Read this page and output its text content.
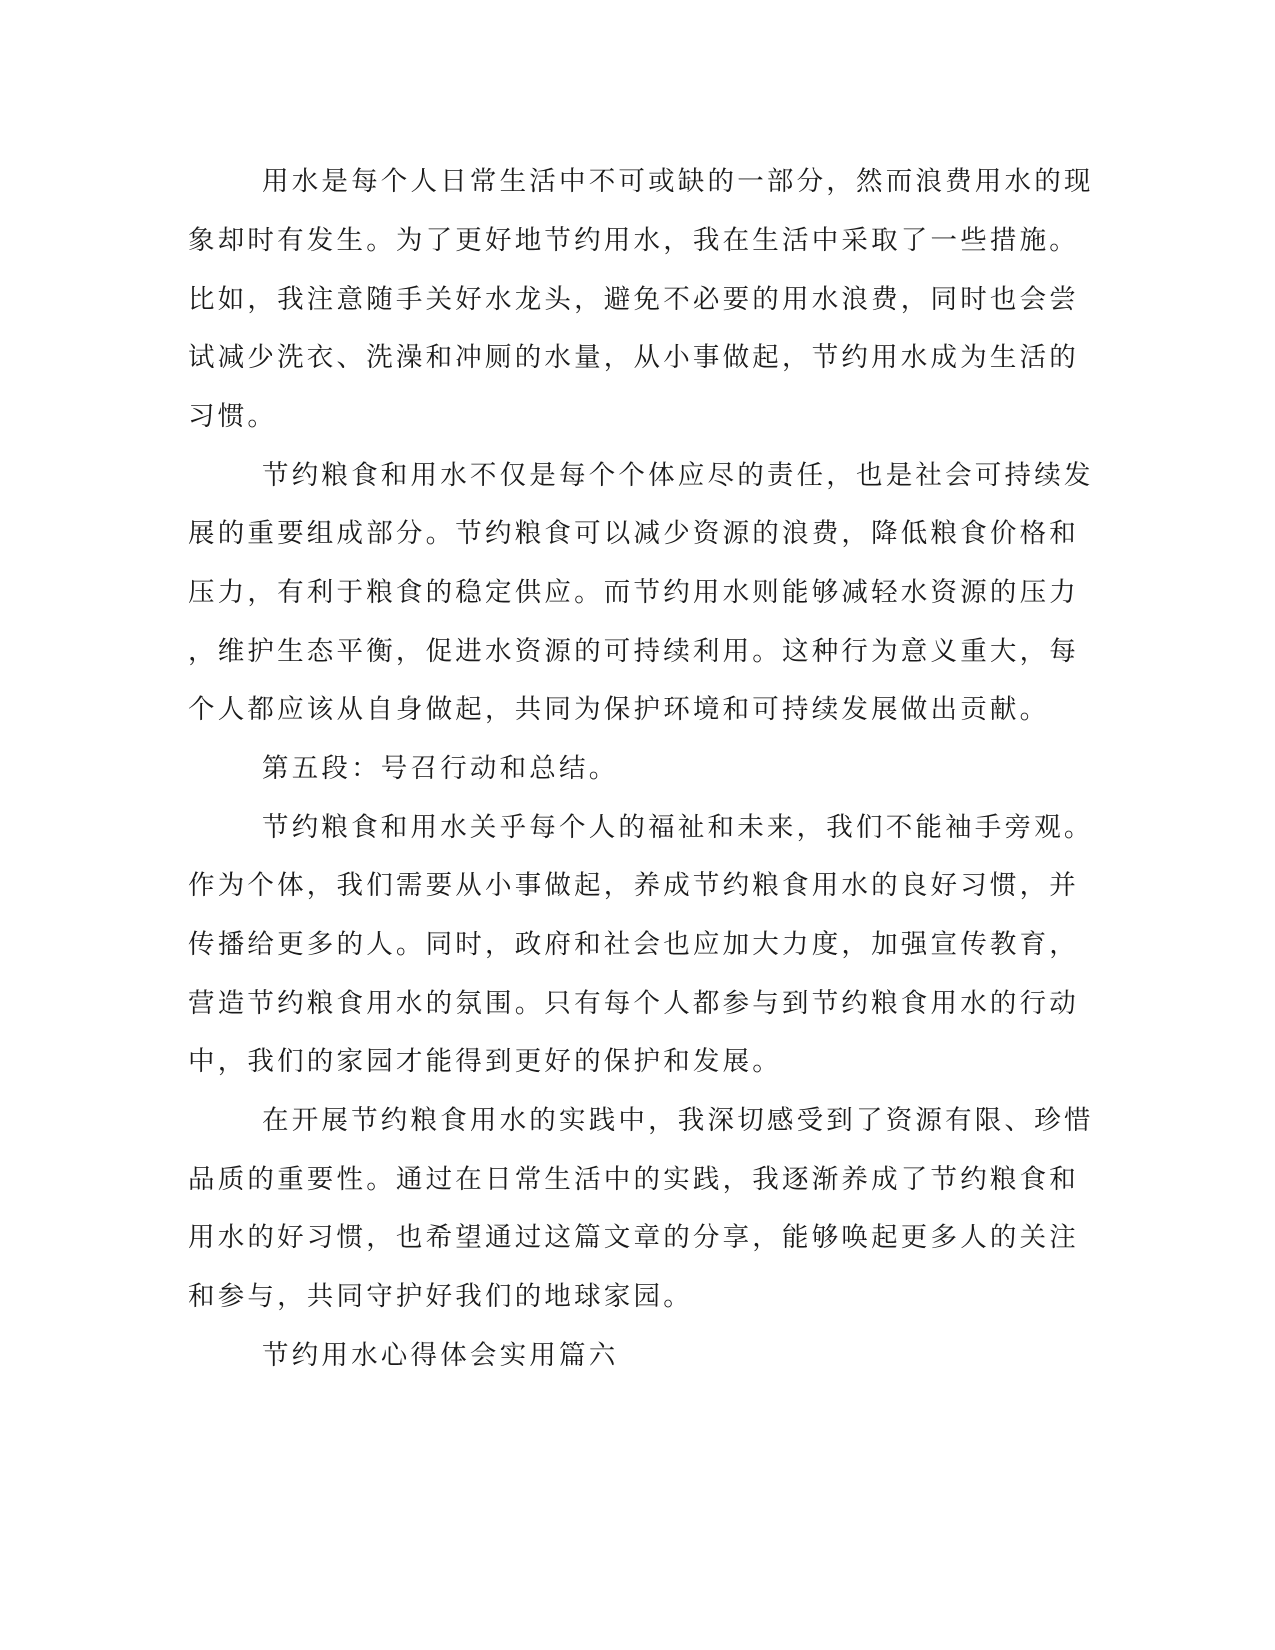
用水是每个人日常生活中不可或缺的一部分，然而浪费用水的现
象却时有发生。为了更好地节约用水，我在生活中采取了一些措施。
比如，我注意随手关好水龙头，避免不必要的用水浪费，同时也会尝
试减少洗衣、洗澡和冲厕的水量，从小事做起，节约用水成为生活的
习惯。
节约粮食和用水不仅是每个个体应尽的责任，也是社会可持续发
展的重要组成部分。节约粮食可以减少资源的浪费，降低粮食价格和
压力，有利于粮食的稳定供应。而节约用水则能够减轻水资源的压力
，维护生态平衡，促进水资源的可持续利用。这种行为意义重大，每
个人都应该从自身做起，共同为保护环境和可持续发展做出贡献。
第五段：号召行动和总结。
节约粮食和用水关乎每个人的福祉和未来，我们不能袖手旁观。
作为个体，我们需要从小事做起，养成节约粮食用水的良好习惯，并
传播给更多的人。同时，政府和社会也应加大力度，加强宣传教育，
营造节约粮食用水的氛围。只有每个人都参与到节约粮食用水的行动
中，我们的家园才能得到更好的保护和发展。
在开展节约粮食用水的实践中，我深切感受到了资源有限、珍惜
品质的重要性。通过在日常生活中的实践，我逐渐养成了节约粮食和
用水的好习惯，也希望通过这篇文章的分享，能够唤起更多人的关注
和参与，共同守护好我们的地球家园。
节约用水心得体会实用篇六
